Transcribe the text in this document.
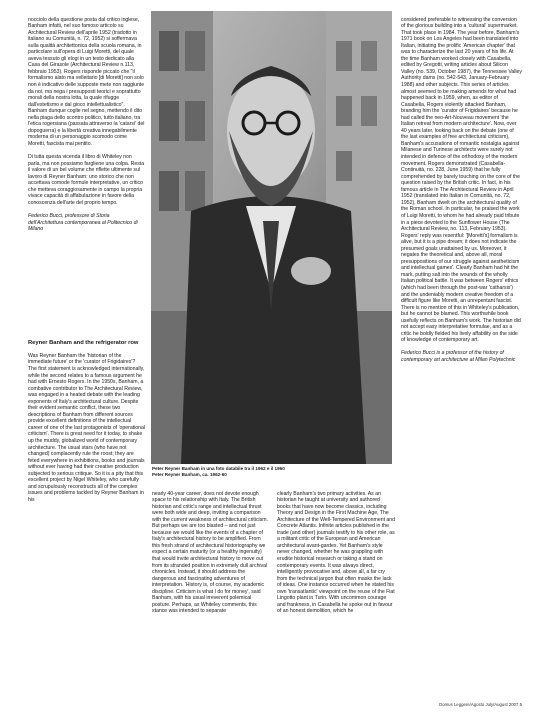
nocciolo della questione posta dal critico inglese, Banham infatti, nel suo famoso articolo su Architectural Review dell'aprile 1952 (tradotto in italiano su Comunità, n. 72, 1952) si soffermava sulla qualità architettonica della scuola romana, in particolare sull'opera di Luigi Moretti, del quale aveva tessuto gli elogi in un testo dedicato alla Casa del Girasole (Architectural Review n.113, febbraio 1953). Rogers risponde piccato che "il formalismo alato ma velleitario [di Moretti] non solo non è indicativo delle supposte mete non raggiunte da noi, ma nega i presupposti teorici e soprattutto morali della nostra lotta, la quale rifugge dall'estetismo e dal gioco intellettualistico". Banham dunque coglie nel segno, mettendo il dito nella piaga dello scontro politico, tutto italiano, tra l'etica rogersiana (passata attraverso la 'catarsi' del dopoguerra) e la libertà creativa innegabilmente moderna di un personaggio scomodo come Moretti, fascista mai pentito.

Di tutta questa vicenda il libro di Whiteley non parla, ma non possiamo fargliene una colpa. Resta il valore di un bel volume che riflette ultimente sul lavoro di Reyner Banham: uno storico che non accettava comode formule interpretative, un critico che metteva coraggiosamente in campo la propria vivace capacità di affabulazione in favore della conoscenza dell'arte del proprio tempo.

Federico Bucci, professore di Storia dell'Architettura contemporanea al Politecnico di Milano

Reyner Banham and the refrigerator row

Was Reyner Banham the 'historian of the immediate future' or the 'curator of Frigidaires'? The first statement is acknowledged internationally, while the second relates to a famous argument he had with Ernesto Rogers. In the 1950s, Banham, a combative contributor to The Architectural Review, was engaged in a heated debate with the leading exponents of Italy's architectural culture. Despite their evident semantic conflict, these two descriptions of Banham from different sources provide excellent definitions of the intellectual career of one of the last protagonists of 'operational criticism'. There is great need for it today, to shake up the muddy, globalized world of contemporary architecture. The usual stars (who have not changed) complacently rule the roost; they are feted everywhere in exhibitions, books and journals without ever having had their creative production subjected to serious critique. So it is a pity that this excellent project by Nigel Whiteley, who carefully and scrupulously reconstructs all of the complex issues and problems tackled by Reyner Banham in his

Peter Reyner Banham in una foto databile tra il 1962 e il 1960
Peter Reyner Banham, ca. 1962-60

nearly 40-year career, does not devote enough space to his relationship with Italy. The British historian and critic's range and intellectual thrust were both wide and deep, inviting a comparison with the current weakness of architectural criticism. But perhaps we are too blasted – and not just because we would like the events of a chapter of Italy's architectural history to be amplified. From this fresh strand of architectural historiography we expect a certain maturity (or a healthy ingenuity) that would invite architectural history to move out from its stranded position in extremely dull archival chronicles. Instead, it should address the dangerous and fascinating adventures of interpretation. 'History is, of course, my academic discipline. Criticism is what I do for money', said Banham, with his usual irreverent polemical posture. Perhaps, as Whiteley comments, this stance was intended to separate

clearly Banham's two primary activities. As an historian he taught at university and authored books that have now become classics, including Theory and Design in the First Machine Age, The Architecture of the Well-Tempered Environment and Concrete Atlantis. Infinite articles published in the trade (and other) journals testify to his other role, as a militant critic of the European and American architectural avant-gardes. Yet Banham's style never changed, whether he was grappling with erudite historical research or taking a stand on contemporary events. It was always direct, intelligently provocative and, above all, a far cry from the technical jargon that often masks the lack of ideas. One instance occurred when he stated his own 'transatlantic' viewpoint on the reuse of the Fiat Lingotto plant in Turin. With uncommon courage and frankness, in Casabella he spoke out in favour of an honest demolition, which he

considered preferable to witnessing the conversion of the glorious building into a 'cultural' supermarket. That took place in 1984. The year before, Banham's 1971 book on Los Angeles had been translated into Italian, initiating the prolific 'American chapter' that was to characterize the last 20 years of his life. At the time Banham worked closely with Casabella, edited by Gregotti, writing articles about Silicon Valley (no. 539, October 1987), the Tennessee Valley Authority dams (no. 542-543, January-February 1988) and other subjects. This series of articles almost seemed to be making amends for what had happened back in 1959, when, as editor of Casabella, Rogers violently attacked Banham, branding him the 'curator of Frigidaires' because he had called the neo-Art-Nouveau movement 'the Italian retreat from modern architecture'. Now, over 40 years later, looking back on the debate (one of the last examples of free architectural criticism), Banham's accusations of romantic nostalgia against Milanese and Turinese architects were surely not intended in defence of the orthodoxy of the modern movement. Rogers demonstrated (Casabella-Continuità, no. 228, June 1959) that he fully comprehended by barely touching on the core of the question raised by the British critic. In fact, in his famous article in The Architectural Review in April 1952 (translated into Italian in Comunità, no. 72, 1952), Banham dwelt on the architectural quality of the Roman school. In particular, he praised the work of Luigi Moretti, to whom he had already paid tribute in a piece devoted to the Sunflower House (The Architectural Review, no. 113, February 1953). Rogers' reply was resentful: '[Moretti's] formalism is alive, but it is a pipe dream; it does not indicate the presumed goals unattained by us. Moreover, it negates the theoretical and, above all, moral presuppositions of our struggle against aestheticism and intellectual games'. Clearly Banham had hit the mark, putting salt into the wounds of the wholly Italian political battle. It was between Rogers' ethics (which had been through the post-war 'catharsis') and the undeniably modern creative freedom of a difficult figure like Moretti, an unrepentant fascist. There is no mention of this in Whiteley's publication, but he cannot be blamed. This worthwhile book usefully reflects on Banham's work. The historian did not accept easy interpretative formulae, and as a critic he boldly fielded his lively affability on the side of knowledge of contemporary art.

Federico Bucci is a professor of the history of contemporary art architecture at Milan Polytechnic

Domus Leggere/Agosto July/August 2007 5
